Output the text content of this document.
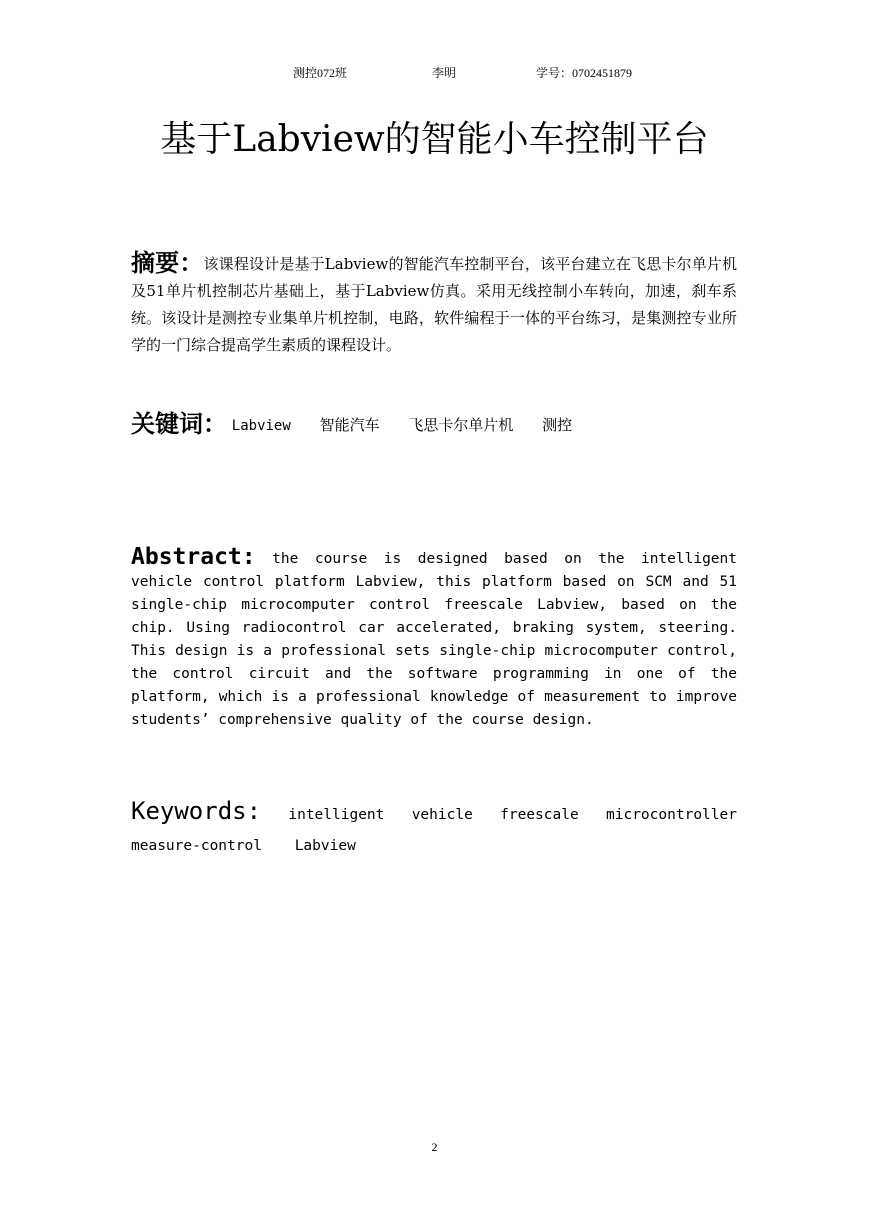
测控072班	李明	学号：0702451879
基于Labview的智能小车控制平台
摘要：该课程设计是基于Labview的智能汽车控制平台，该平台建立在飞思卡尔单片机及51单片机控制芯片基础上，基于Labview仿真。采用无线控制小车转向，加速，刹车系统。该设计是测控专业集单片机控制，电路，软件编程于一体的平台练习，是集测控专业所学的一门综合提高学生素质的课程设计。
关键词： Labview 智能汽车 飞思卡尔单片机 测控
Abstract: the course is designed based on the intelligent vehicle control platform Labview, this platform based on SCM and 51 single-chip microcomputer control freescale Labview, based on the chip. Using radiocontrol car accelerated, braking system, steering. This design is a professional sets single-chip microcomputer control, the control circuit and the software programming in one of the platform, which is a professional knowledge of measurement to improve students’ comprehensive quality of the course design.
Keywords: intelligent vehicle freescale microcontroller
measure-control Labview
2
